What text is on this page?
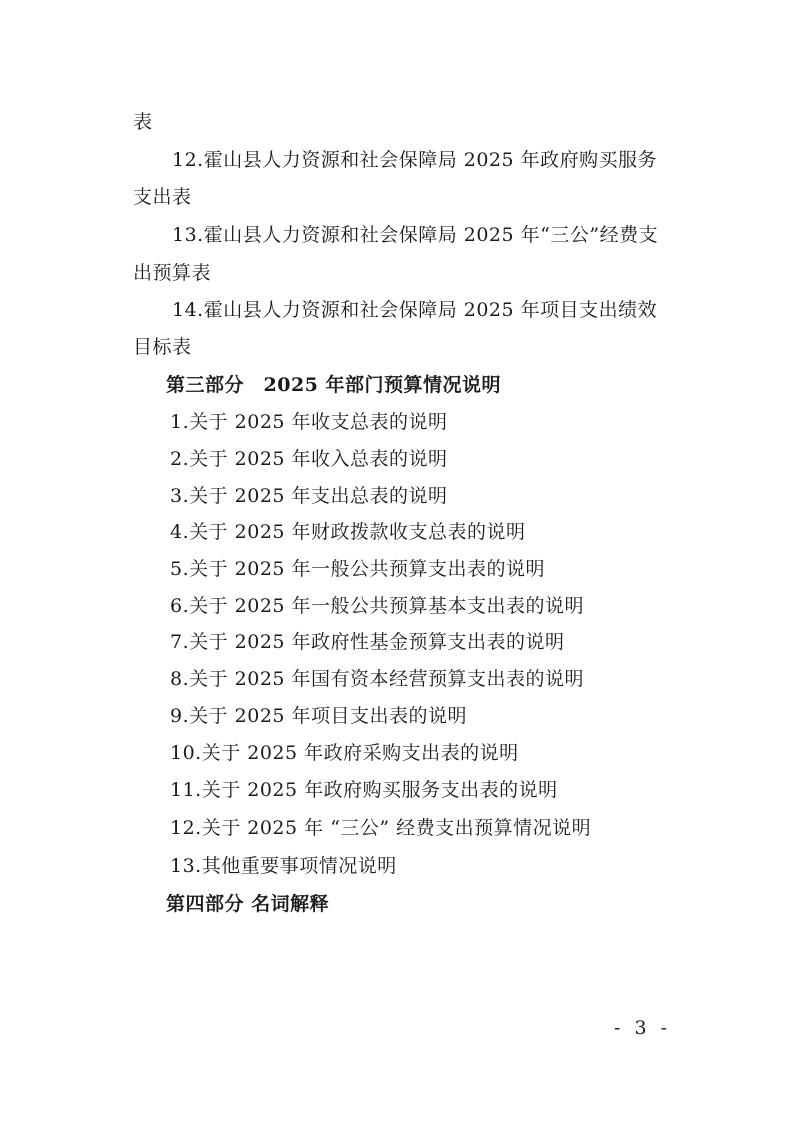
表
12.霍山县人力资源和社会保障局 2025 年政府购买服务
支出表
13.霍山县人力资源和社会保障局 2025 年“三公”经费支
出预算表
14.霍山县人力资源和社会保障局 2025 年项目支出绩效
目标表
第三部分　2025 年部门预算情况说明
1.关于 2025 年收支总表的说明
2.关于 2025 年收入总表的说明
3.关于 2025 年支出总表的说明
4.关于 2025 年财政拨款收支总表的说明
5.关于 2025 年一般公共预算支出表的说明
6.关于 2025 年一般公共预算基本支出表的说明
7.关于 2025 年政府性基金预算支出表的说明
8.关于 2025 年国有资本经营预算支出表的说明
9.关于 2025 年项目支出表的说明
10.关于 2025 年政府采购支出表的说明
11.关于 2025 年政府购买服务支出表的说明
12.关于 2025 年 “三公” 经费支出预算情况说明
13.其他重要事项情况说明
第四部分 名词解释
- 3 -
